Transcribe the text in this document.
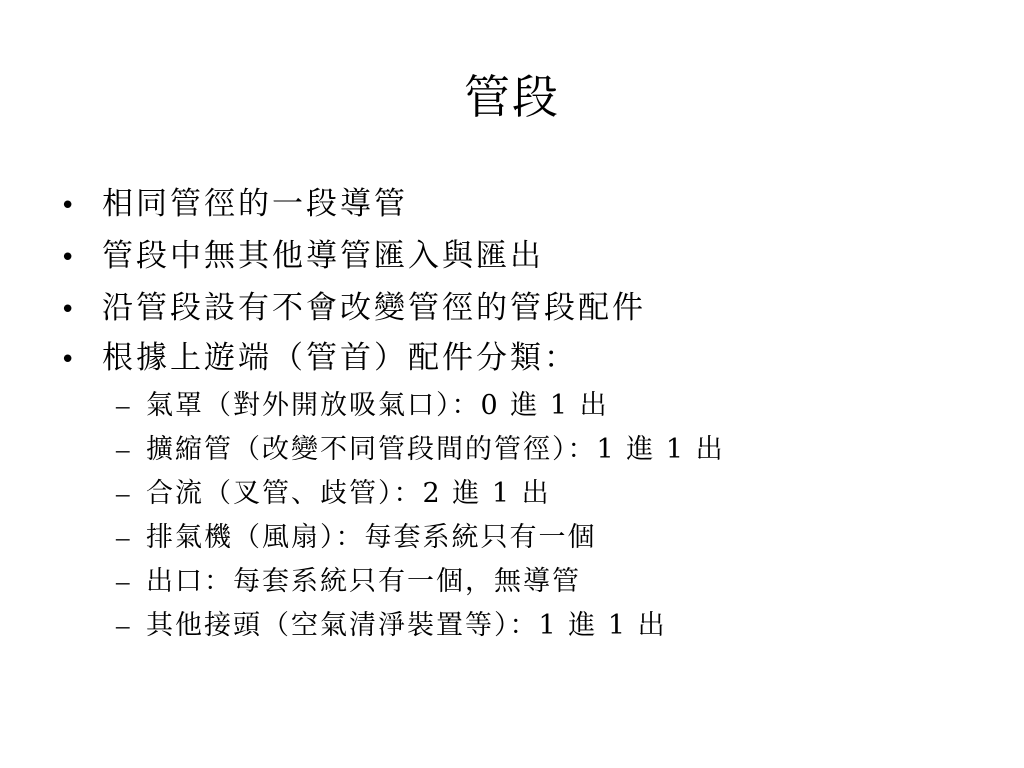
管段
• 相同管徑的一段導管
• 管段中無其他導管匯入與匯出
• 沿管段設有不會改變管徑的管段配件
• 根據上遊端（管首）配件分類：
– 氣罩（對外開放吸氣口）：0 進 1 出
– 擴縮管（改變不同管段間的管徑）：1 進 1 出
– 合流（叉管、歧管）：2 進 1 出
– 排氣機（風扇）：每套系統只有一個
– 出口：每套系統只有一個，無導管
– 其他接頭（空氣清淨裝置等）：1 進 1 出
